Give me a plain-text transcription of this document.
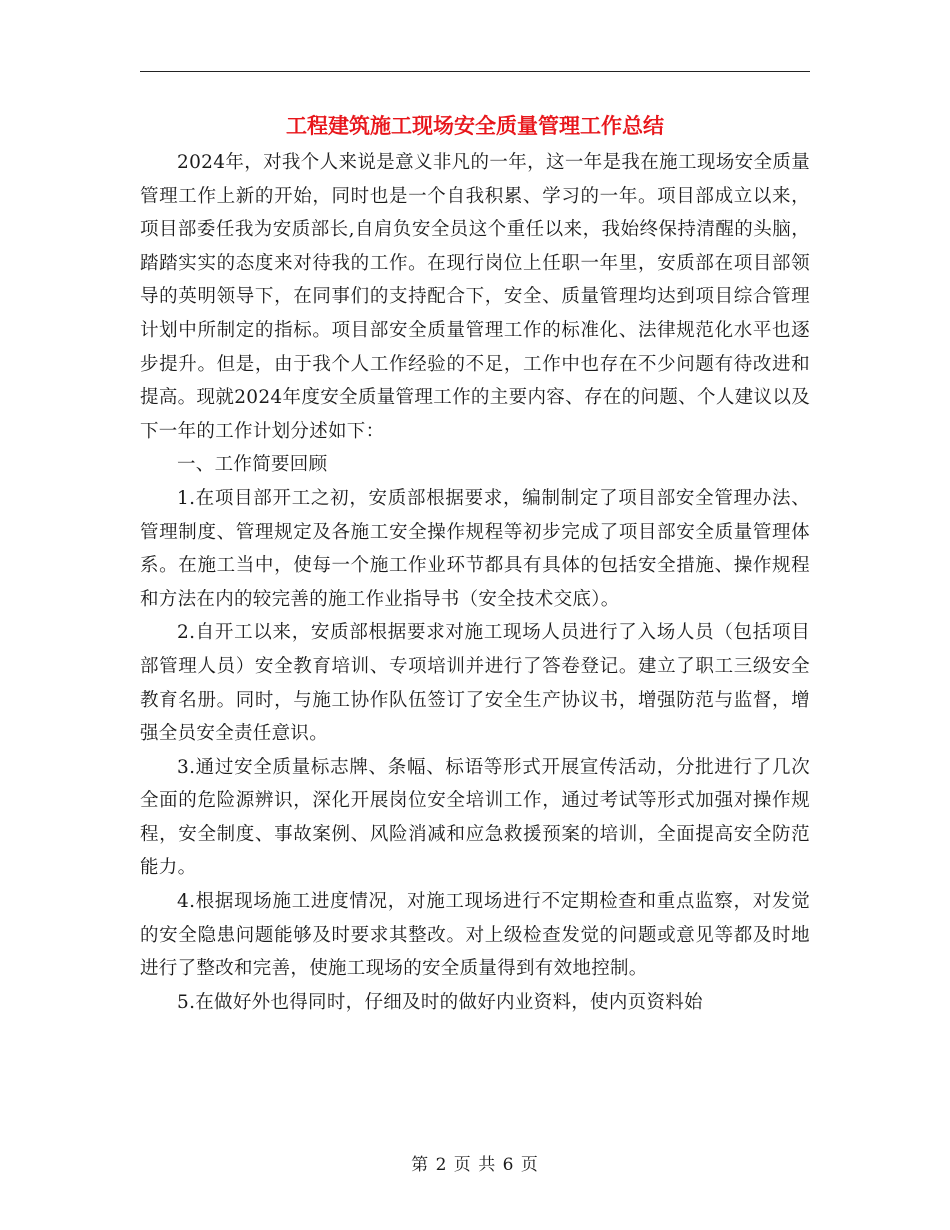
工程建筑施工现场安全质量管理工作总结

2024年，对我个人来说是意义非凡的一年，这一年是我在施工现场安全质量管理工作上新的开始，同时也是一个自我积累、学习的一年。项目部成立以来，项目部委任我为安质部长,自肩负安全员这个重任以来，我始终保持清醒的头脑，踏踏实实的态度来对待我的工作。在现行岗位上任职一年里，安质部在项目部领导的英明领导下，在同事们的支持配合下，安全、质量管理均达到项目综合管理计划中所制定的指标。项目部安全质量管理工作的标准化、法律规范化水平也逐步提升。但是，由于我个人工作经验的不足，工作中也存在不少问题有待改进和提高。现就2024年度安全质量管理工作的主要内容、存在的问题、个人建议以及下一年的工作计划分述如下：

一、工作简要回顾

1.在项目部开工之初，安质部根据要求，编制制定了项目部安全管理办法、管理制度、管理规定及各施工安全操作规程等初步完成了项目部安全质量管理体系。在施工当中，使每一个施工作业环节都具有具体的包括安全措施、操作规程和方法在内的较完善的施工作业指导书（安全技术交底）。

2.自开工以来，安质部根据要求对施工现场人员进行了入场人员（包括项目部管理人员）安全教育培训、专项培训并进行了答卷登记。建立了职工三级安全教育名册。同时，与施工协作队伍签订了安全生产协议书，增强防范与监督，增强全员安全责任意识。

3.通过安全质量标志牌、条幅、标语等形式开展宣传活动，分批进行了几次全面的危险源辨识，深化开展岗位安全培训工作，通过考试等形式加强对操作规程，安全制度、事故案例、风险消减和应急救援预案的培训，全面提高安全防范能力。

4.根据现场施工进度情况，对施工现场进行不定期检查和重点监察，对发觉的安全隐患问题能够及时要求其整改。对上级检查发觉的问题或意见等都及时地进行了整改和完善，使施工现场的安全质量得到有效地控制。

5.在做好外也得同时，仔细及时的做好内业资料，使内页资料始

第 2 页 共 6 页
